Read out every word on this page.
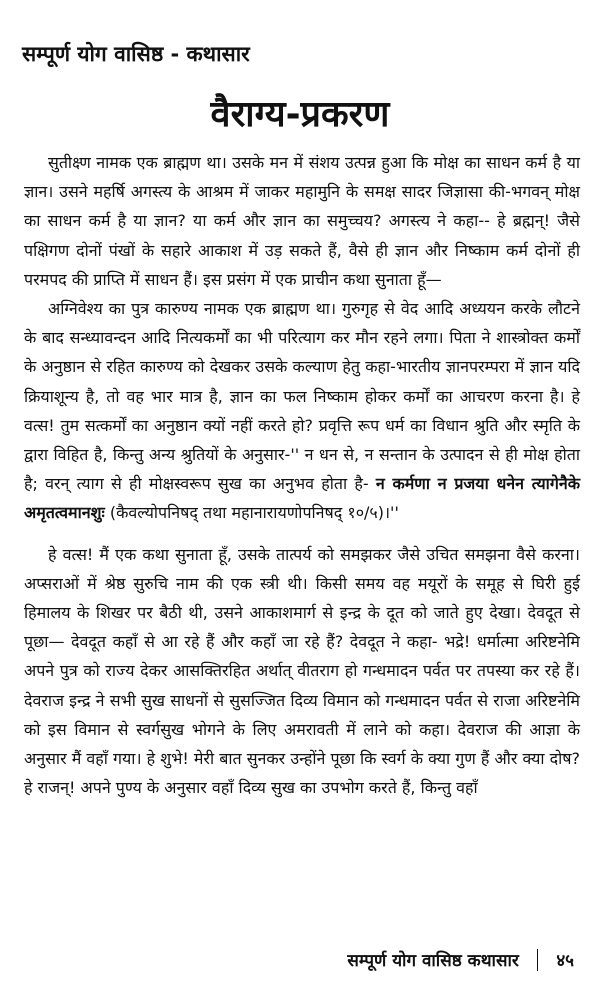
सम्पूर्ण योग वासिष्ठ - कथासार
वैराग्य-प्रकरण

सुतीक्ष्ण नामक एक ब्राह्मण था। उसके मन में संशय उत्पन्न हुआ कि मोक्ष का साधन कर्म है या ज्ञान। उसने महर्षि अगस्त्य के आश्रम में जाकर महामुनि के समक्ष सादर जिज्ञासा की-भगवन् मोक्ष का साधन कर्म है या ज्ञान? या कर्म और ज्ञान का समुच्चय? अगस्त्य ने कहा-- हे ब्रह्मन्! जैसे पक्षिगण दोनों पंखों के सहारे आकाश में उड़ सकते हैं, वैसे ही ज्ञान और निष्काम कर्म दोनों ही परमपद की प्राप्ति में साधन हैं। इस प्रसंग में एक प्राचीन कथा सुनाता हूँ—

अग्निवेश्य का पुत्र कारुण्य नामक एक ब्राह्मण था। गुरुगृह से वेद आदि अध्ययन करके लौटने के बाद सन्ध्यावन्दन आदि नित्यकर्मों का भी परित्याग कर मौन रहने लगा। पिता ने शास्त्रोक्त कर्मों के अनुष्ठान से रहित कारुण्य को देखकर उसके कल्याण हेतु कहा-भारतीय ज्ञानपरम्परा में ज्ञान यदि क्रियाशून्य है, तो वह भार मात्र है, ज्ञान का फल निष्काम होकर कर्मों का आचरण करना है। हे वत्स! तुम सत्कर्मों का अनुष्ठान क्यों नहीं करते हो? प्रवृत्ति रूप धर्म का विधान श्रुति और स्मृति के द्वारा विहित है, किन्तु अन्य श्रुतियों के अनुसार-'' न धन से, न सन्तान के उत्पादन से ही मोक्ष होता है; वरन् त्याग से ही मोक्षस्वरूप सुख का अनुभव होता है- न कर्मणा न प्रजया धनेन त्यागेनैके अमृतत्वमानशुः (कैवल्योपनिषद् तथा महानारायणोपनिषद् १०/५)।''

हे वत्स! मैं एक कथा सुनाता हूँ, उसके तात्पर्य को समझकर जैसे उचित समझना वैसे करना। अप्सराओं में श्रेष्ठ सुरुचि नाम की एक स्त्री थी। किसी समय वह मयूरों के समूह से घिरी हुई हिमालय के शिखर पर बैठी थी, उसने आकाशमार्ग से इन्द्र के दूत को जाते हुए देखा। देवदूत से पूछा— देवदूत कहाँ से आ रहे हैं और कहाँ जा रहे हैं? देवदूत ने कहा- भद्रे! धर्मात्मा अरिष्टनेमि अपने पुत्र को राज्य देकर आसक्तिरहित अर्थात् वीतराग हो गन्धमादन पर्वत पर तपस्या कर रहे हैं। देवराज इन्द्र ने सभी सुख साधनों से सुसज्जित दिव्य विमान को गन्धमादन पर्वत से राजा अरिष्टनेमि को इस विमान से स्वर्गसुख भोगने के लिए अमरावती में लाने को कहा। देवराज की आज्ञा के अनुसार मैं वहाँ गया। हे शुभे! मेरी बात सुनकर उन्होंने पूछा कि स्वर्ग के क्या गुण हैं और क्या दोष? हे राजन्! अपने पुण्य के अनुसार वहाँ दिव्य सुख का उपभोग करते हैं, किन्तु वहाँ

सम्पूर्ण योग वासिष्ठ कथासार ४५
